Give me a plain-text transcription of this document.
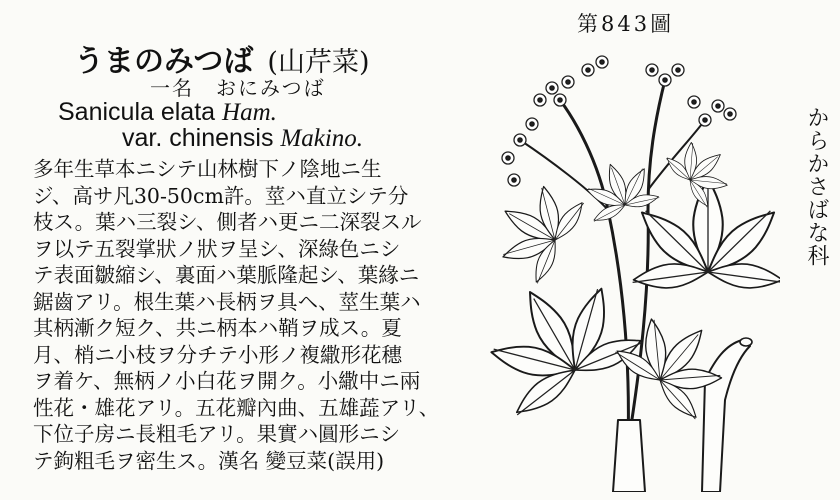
第843圖
うまのみつば (山芹菜)
一名 おにみつば
Sanicula elata Ham.
var. chinensis Makino.
多年生草本ニシテ山林樹下ノ陰地ニ生
ジ、高サ凡30-50cm許。莖ハ直立シテ分
枝ス。葉ハ三裂シ、側者ハ更ニ二深裂スル
ヲ以テ五裂掌狀ノ狀ヲ呈シ、深綠色ニシ
テ表面皺縮シ、裏面ハ葉脈隆起シ、葉緣ニ
鋸齒アリ。根生葉ハ長柄ヲ具ヘ、莖生葉ハ
其柄漸ク短ク、共ニ柄本ハ鞘ヲ成ス。夏
月、梢ニ小枝ヲ分チテ小形ノ複繖形花穗
ヲ着ケ、無柄ノ小白花ヲ開ク。小繖中ニ兩
性花・雄花アリ。五花瓣內曲、五雄蕋アリ、
下位子房ニ長粗毛アリ。果實ハ圓形ニシ
テ鉤粗毛ヲ密生ス。漢名 變豆菜(誤用)
からかさばな科
